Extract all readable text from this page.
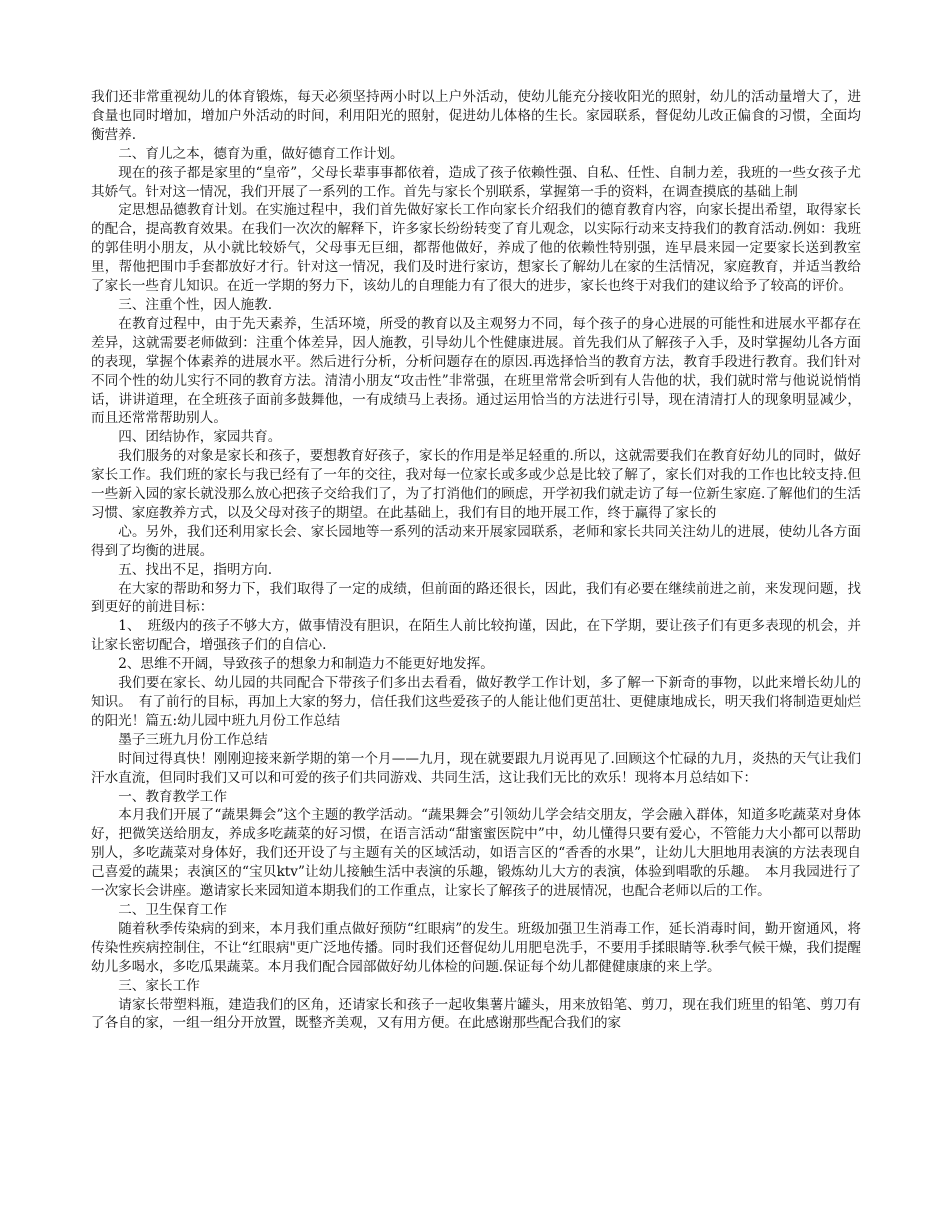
我们还非常重视幼儿的体育锻炼，每天必须坚持两小时以上户外活动，使幼儿能充分接收阳光的照射，幼儿的活动量增大了，进食量也同时增加，增加户外活动的时间，利用阳光的照射，促进幼儿体格的生长。家园联系，督促幼儿改正偏食的习惯，全面均衡营养.

二、育儿之本，德育为重，做好德育工作计划。

现在的孩子都是家里的“皇帝”，父母长辈事事都依着，造成了孩子依赖性强、自私、任性、自制力差，我班的一些女孩子尤其娇气。针对这一情况，我们开展了一系列的工作。首先与家长个别联系，掌握第一手的资料，在调查摸底的基础上制

定思想品德教育计划。在实施过程中，我们首先做好家长工作向家长介绍我们的德育教育内容，向家长提出希望，取得家长的配合，提高教育效果。在我们一次次的解释下，许多家长纷纷转变了育儿观念，以实际行动来支持我们的教育活动.例如：我班的郭佳明小朋友，从小就比较娇气，父母事无巨细，都帮他做好，养成了他的依赖性特别强，连早晨来园一定要家长送到教室里，帮他把围巾手套都放好才行。针对这一情况，我们及时进行家访，想家长了解幼儿在家的生活情况，家庭教育，并适当教给了家长一些育儿知识。在近一学期的努力下，该幼儿的自理能力有了很大的进步，家长也终于对我们的建议给予了较高的评价。

三、注重个性，因人施教.

在教育过程中，由于先天素养，生活环境，所受的教育以及主观努力不同，每个孩子的身心进展的可能性和进展水平都存在差异，这就需要老师做到：注重个体差异，因人施教，引导幼儿个性健康进展。首先我们从了解孩子入手，及时掌握幼儿各方面的表现，掌握个体素养的进展水平。然后进行分析，分析问题存在的原因.再选择恰当的教育方法，教育手段进行教育。我们针对不同个性的幼儿实行不同的教育方法。清清小朋友“攻击性”非常强，在班里常常会听到有人告他的状，我们就时常与他说说悄悄话，讲讲道理，在全班孩子面前多鼓舞他，一有成绩马上表扬。通过运用恰当的方法进行引导，现在清清打人的现象明显减少，而且还常常帮助别人。

四、团结协作，家园共育。

我们服务的对象是家长和孩子，要想教育好孩子，家长的作用是举足轻重的.所以，这就需要我们在教育好幼儿的同时，做好家长工作。我们班的家长与我已经有了一年的交往，我对每一位家长或多或少总是比较了解了，家长们对我的工作也比较支持.但一些新入园的家长就没那么放心把孩子交给我们了，为了打消他们的顾虑，开学初我们就走访了每一位新生家庭.了解他们的生活习惯、家庭教养方式，以及父母对孩子的期望。在此基础上，我们有目的地开展工作，终于赢得了家长的

心。另外，我们还利用家长会、家长园地等一系列的活动来开展家园联系，老师和家长共同关注幼儿的进展，使幼儿各方面得到了均衡的进展。

五、找出不足，指明方向.

在大家的帮助和努力下，我们取得了一定的成绩，但前面的路还很长，因此，我们有必要在继续前进之前，来发现问题，找到更好的前进目标：

1、　班级内的孩子不够大方，做事情没有胆识，在陌生人前比较拘谨，因此，在下学期，要让孩子们有更多表现的机会，并让家长密切配合，增强孩子们的自信心.

2、思维不开阔，导致孩子的想象力和制造力不能更好地发挥。

我们要在家长、幼儿园的共同配合下带孩子们多出去看看，做好教学工作计划，多了解一下新奇的事物，以此来增长幼儿的知识。　有了前行的目标，再加上大家的努力，信任我们这些爱孩子的人能让他们更茁壮、更健康地成长，明天我们将制造更灿烂的阳光！篇五:幼儿园中班九月份工作总结

墨子三班九月份工作总结

时间过得真快！刚刚迎接来新学期的第一个月——九月，现在就要跟九月说再见了.回顾这个忙碌的九月，炎热的天气让我们汗水直流，但同时我们又可以和可爱的孩子们共同游戏、共同生活，这让我们无比的欢乐！现将本月总结如下：

一、教育教学工作

本月我们开展了“蔬果舞会”这个主题的教学活动。“蔬果舞会”引领幼儿学会结交朋友，学会融入群体，知道多吃蔬菜对身体好，把微笑送给朋友，养成多吃蔬菜的好习惯，在语言活动“甜蜜蜜医院中”中，幼儿懂得只要有爱心，不管能力大小都可以帮助别人，多吃蔬菜对身体好，我们还开设了与主题有关的区域活动，如语言区的“香香的水果”，让幼儿大胆地用表演的方法表现自己喜爱的蔬果；表演区的“宝贝ktv”让幼儿接触生活中表演的乐趣，锻炼幼儿大方的表演，体验到唱歌的乐趣。　本月我园进行了一次家长会讲座。邀请家长来园知道本期我们的工作重点，让家长了解孩子的进展情况，也配合老师以后的工作。

二、卫生保育工作

随着秋季传染病的到来，本月我们重点做好预防“红眼病”的发生。班级加强卫生消毒工作，延长消毒时间，勤开窗通风，将传染性疾病控制住，不让“红眼病"更广泛地传播。同时我们还督促幼儿用肥皂洗手，不要用手揉眼睛等.秋季气候干燥，我们提醒幼儿多喝水，多吃瓜果蔬菜。本月我们配合园部做好幼儿体检的问题.保证每个幼儿都健健康康的来上学。

三、家长工作

请家长带塑料瓶，建造我们的区角，还请家长和孩子一起收集薯片罐头，用来放铅笔、剪刀，现在我们班里的铅笔、剪刀有了各自的家，一组一组分开放置，既整齐美观，又有用方便。在此感谢那些配合我们的家
